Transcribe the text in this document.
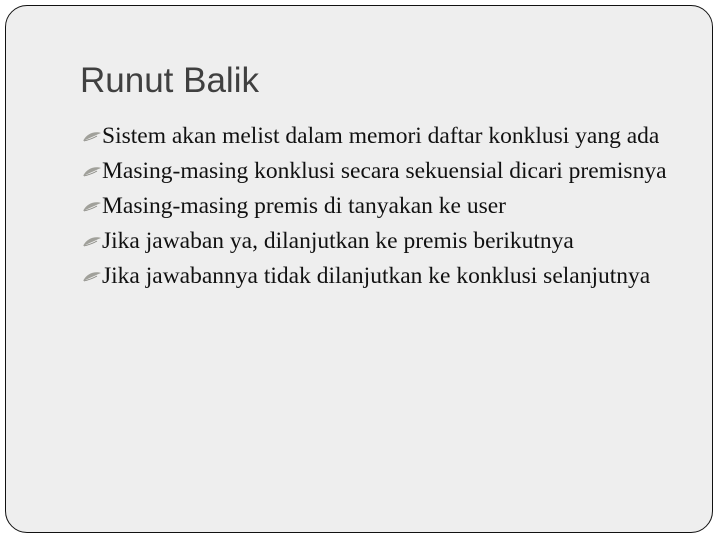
Runut Balik
Sistem akan melist dalam memori daftar konklusi yang ada
Masing-masing konklusi secara sekuensial dicari premisnya
Masing-masing premis di tanyakan ke user
Jika jawaban ya, dilanjutkan ke premis berikutnya
Jika jawabannya tidak dilanjutkan ke konklusi selanjutnya
